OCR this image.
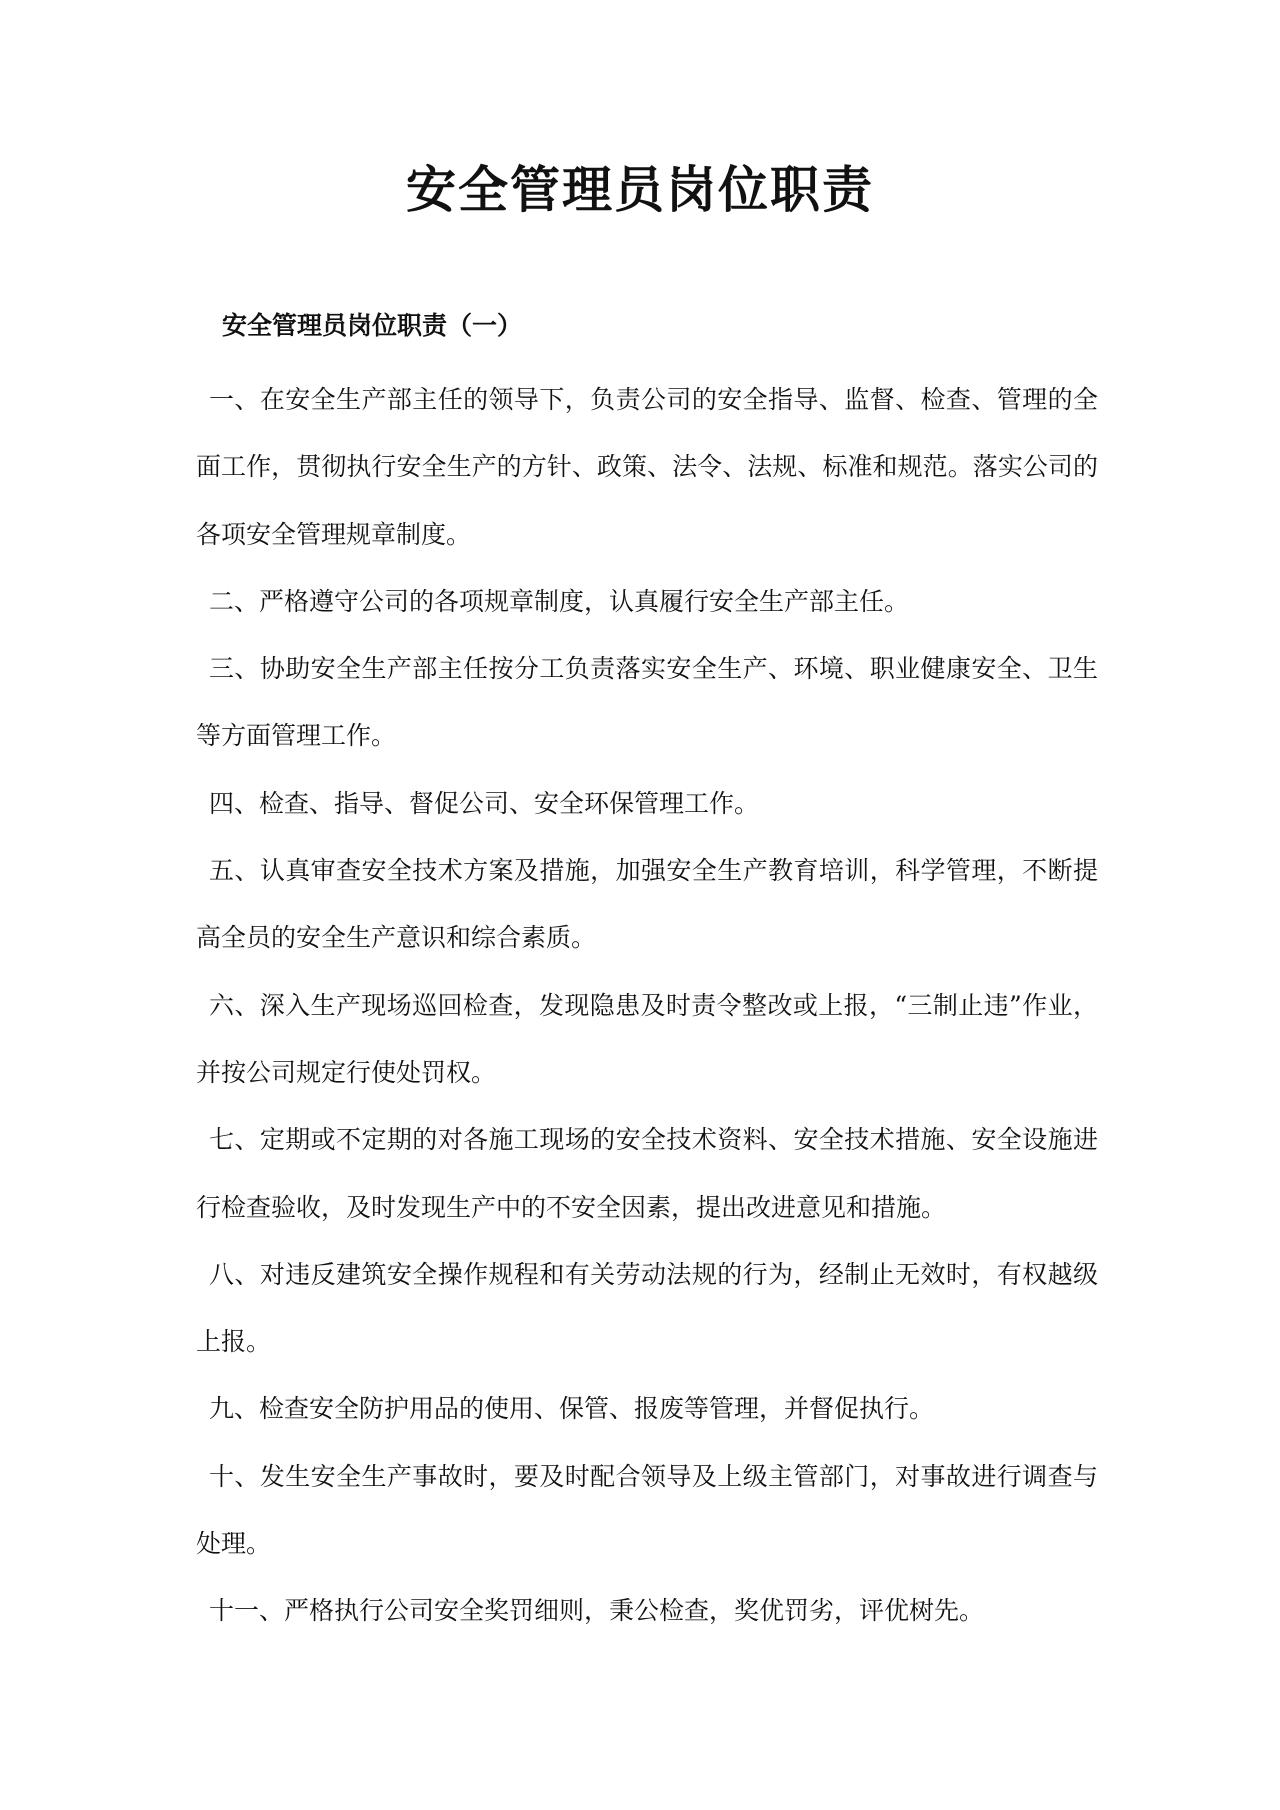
安全管理员岗位职责
安全管理员岗位职责（一）

一、在安全生产部主任的领导下，负责公司的安全指导、监督、检查、管理的全面工作，贯彻执行安全生产的方针、政策、法令、法规、标准和规范。落实公司的各项安全管理规章制度。

二、严格遵守公司的各项规章制度，认真履行安全生产部主任。

三、协助安全生产部主任按分工负责落实安全生产、环境、职业健康安全、卫生等方面管理工作。

四、检查、指导、督促公司、安全环保管理工作。

五、认真审查安全技术方案及措施，加强安全生产教育培训，科学管理，不断提高全员的安全生产意识和综合素质。

六、深入生产现场巡回检查，发现隐患及时责令整改或上报，“三制止违”作业，并按公司规定行使处罚权。

七、定期或不定期的对各施工现场的安全技术资料、安全技术措施、安全设施进行检查验收，及时发现生产中的不安全因素，提出改进意见和措施。

八、对违反建筑安全操作规程和有关劳动法规的行为，经制止无效时，有权越级上报。

九、检查安全防护用品的使用、保管、报废等管理，并督促执行。

十、发生安全生产事故时，要及时配合领导及上级主管部门，对事故进行调查与处理。

十一、严格执行公司安全奖罚细则，秉公检查，奖优罚劣，评优树先。
